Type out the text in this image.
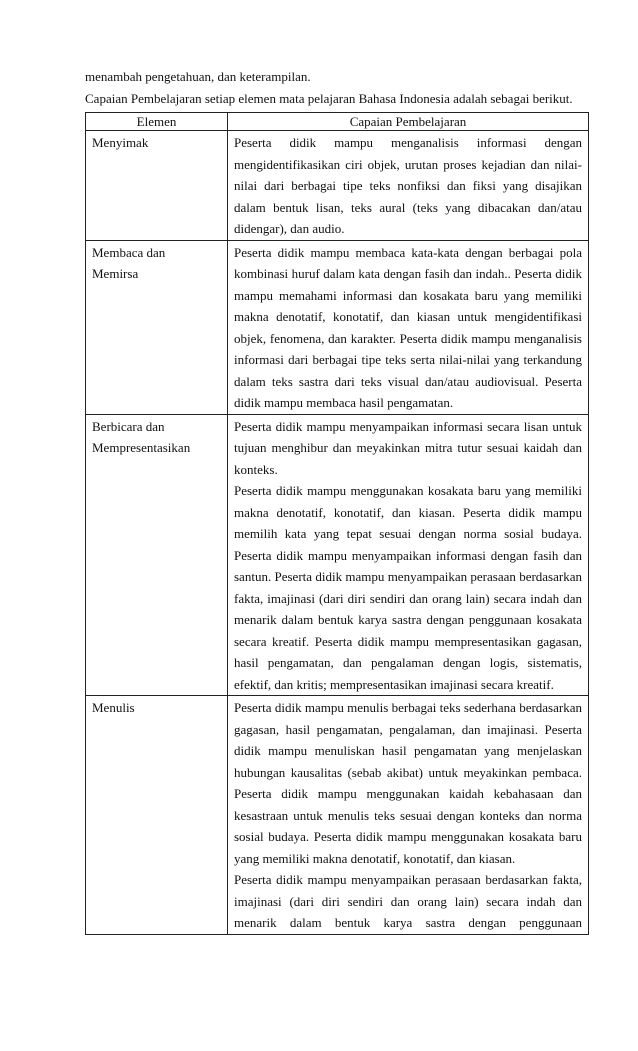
menambah pengetahuan, dan keterampilan.

Capaian Pembelajaran setiap elemen mata pelajaran Bahasa Indonesia adalah sebagai berikut.

Elemen	Capaian Pembelajaran

Menyimak	Peserta didik mampu menganalisis informasi dengan mengidentifikasikan ciri objek, urutan proses kejadian dan nilai-nilai dari berbagai tipe teks nonfiksi dan fiksi yang disajikan dalam bentuk lisan, teks aural (teks yang dibacakan dan/atau didengar), dan audio.

Membaca dan
Memirsa	Peserta didik mampu membaca kata-kata dengan berbagai pola kombinasi huruf dalam kata dengan fasih dan indah.. Peserta didik mampu memahami informasi dan kosakata baru yang memiliki makna denotatif, konotatif, dan kiasan untuk mengidentifikasi objek, fenomena, dan karakter. Peserta didik mampu menganalisis informasi dari berbagai tipe teks serta nilai-nilai yang terkandung dalam teks sastra dari teks visual dan/atau audiovisual. Peserta didik mampu membaca hasil pengamatan.

Berbicara dan
Mempresentasikan	Peserta didik mampu menyampaikan informasi secara lisan untuk tujuan menghibur dan meyakinkan mitra tutur sesuai kaidah dan konteks.
Peserta didik mampu menggunakan kosakata baru yang memiliki makna denotatif, konotatif, dan kiasan. Peserta didik mampu memilih kata yang tepat sesuai dengan norma sosial budaya. Peserta didik mampu menyampaikan informasi dengan fasih dan santun. Peserta didik mampu menyampaikan perasaan berdasarkan fakta, imajinasi (dari diri sendiri dan orang lain) secara indah dan menarik dalam bentuk karya sastra dengan penggunaan kosakata secara kreatif. Peserta didik mampu mempresentasikan gagasan, hasil pengamatan, dan pengalaman dengan logis, sistematis, efektif, dan kritis; mempresentasikan imajinasi secara kreatif.

Menulis	Peserta didik mampu menulis berbagai teks sederhana berdasarkan gagasan, hasil pengamatan, pengalaman, dan imajinasi. Peserta didik mampu menuliskan hasil pengamatan yang menjelaskan hubungan kausalitas (sebab akibat) untuk meyakinkan pembaca. Peserta didik mampu menggunakan kaidah kebahasaan dan kesastraan untuk menulis teks sesuai dengan konteks dan norma sosial budaya. Peserta didik mampu menggunakan kosakata baru yang memiliki makna denotatif, konotatif, dan kiasan.
Peserta didik mampu menyampaikan perasaan berdasarkan fakta, imajinasi (dari diri sendiri dan orang lain) secara indah dan menarik dalam bentuk karya sastra dengan penggunaan
